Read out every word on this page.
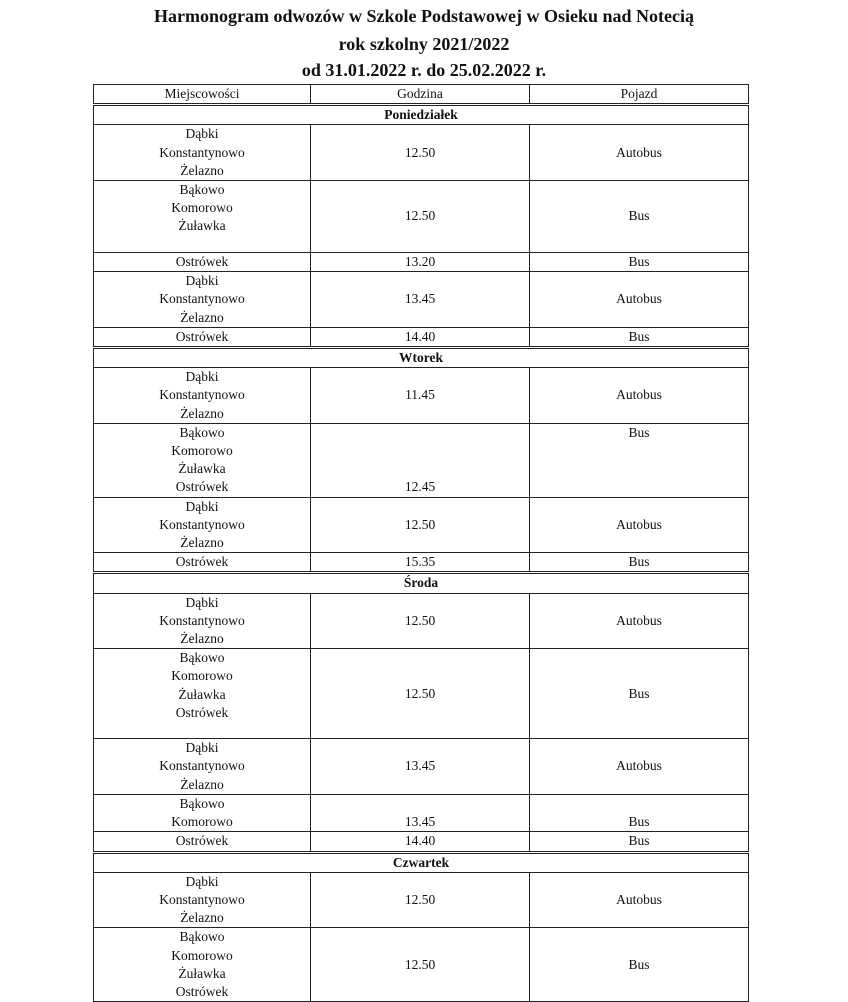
Harmonogram odwozów w Szkole Podstawowej w Osieku nad Notecią
rok szkolny 2021/2022
od 31.01.2022 r. do 25.02.2022 r.
Miejscowości	Godzina	Pojazd
Poniedziałek		

Dąbki
Konstantynowo
Żelazno	12.50	Autobus

Bąkowo
Komorowo
Żuławka	12.50	Bus

Ostrówek	13.20	Bus

Dąbki
Konstantynowo
Żelazno	13.45	Autobus

Ostrówek	14.40	Bus
Wtorek		

Dąbki
Konstantynowo
Żelazno	11.45	Autobus

Bąkowo
Komorowo
Żuławka
Ostrówek	12.45	Bus

Dąbki
Konstantynowo
Żelazno	12.50	Autobus

Ostrówek	15.35	Bus
Środa		

Dąbki
Konstantynowo
Żelazno	12.50	Autobus

Bąkowo
Komorowo
Żuławka
Ostrówek	12.50	Bus

Dąbki
Konstantynowo
Żelazno	13.45	Autobus

Bąkowo
Komorowo	13.45	Bus

Ostrówek	14.40	Bus
Czwartek		

Dąbki
Konstantynowo
Żelazno	12.50	Autobus

Bąkowo
Komorowo
Żuławka
Ostrówek	12.50	Bus
